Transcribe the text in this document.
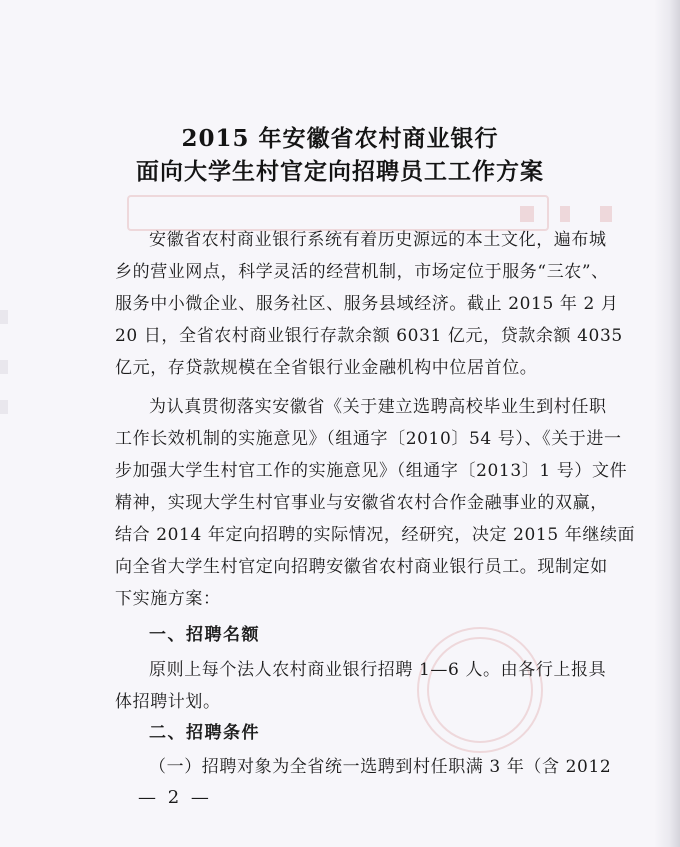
2015 年安徽省农村商业银行
面向大学生村官定向招聘员工工作方案
安徽省农村商业银行系统有着历史源远的本土文化，遍布城
乡的营业网点，科学灵活的经营机制，市场定位于服务“三农”、
服务中小微企业、服务社区、服务县域经济。截止 2015 年 2 月
20 日，全省农村商业银行存款余额 6031 亿元，贷款余额 4035
亿元，存贷款规模在全省银行业金融机构中位居首位。
为认真贯彻落实安徽省《关于建立选聘高校毕业生到村任职
工作长效机制的实施意见》（组通字〔2010〕54 号）、《关于进一
步加强大学生村官工作的实施意见》（组通字〔2013〕1 号）文件
精神，实现大学生村官事业与安徽省农村合作金融事业的双赢，
结合 2014 年定向招聘的实际情况，经研究，决定 2015 年继续面
向全省大学生村官定向招聘安徽省农村商业银行员工。现制定如
下实施方案：
一、招聘名额
原则上每个法人农村商业银行招聘 1—6 人。由各行上报具
体招聘计划。
二、招聘条件
（一）招聘对象为全省统一选聘到村任职满 3 年（含 2012
— 2 —
